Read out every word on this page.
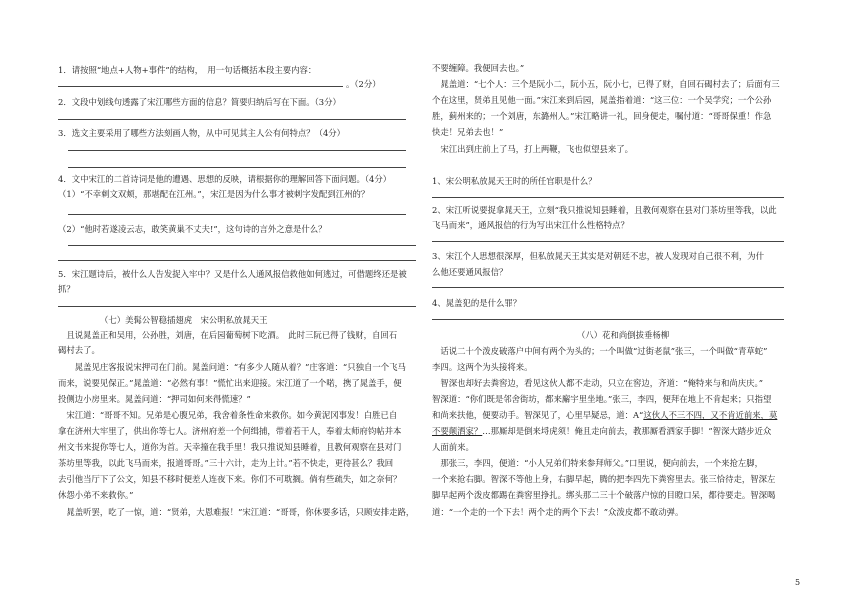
1．请按照“地点+人物+事件”的结构，　用一句话概括本段主要内容：
。（2分）
2．文段中划线句透露了宋江哪些方面的信息？简要归纳后写在下面。（3分）
3．选文主要采用了哪些方法刻画人物，从中可见其主人公有何特点？（4分）
4．文中宋江的二首诗词是他的遭遇、思想的反映，请根据你的理解回答下面问题。（4分）
（1）“不幸刺文双颊，那堪配在江州。”，宋江是因为什么事才被刺字发配到江州的？
（2）“他时若遂凌云志，敢笑黄巢不丈夫!”，这句诗的言外之意是什么？
5．宋江题诗后，被什么人告发捉入牢中？又是什么人通风报信救他如何逃过，可借题终还是被
抓？
（七）美髯公智稳插翅虎　宋公明私放晁天王
　且说晁盖正和吴用，公孙胜，刘唐，在后园葡萄树下吃酒。　此时三阮已得了钱财，自回石
碣村去了。
　　晁盖见庄客报说宋押司在门前。晁盖问道：“有多少人随从着？”庄客道：“只独自一个飞马
而来，说要见保正。”晁盖道：“必然有事！”慌忙出来迎接。宋江道了一个喏，携了晁盖手，便
投侧边小房里来。晁盖问道：“押司如何来得慌速？”
　宋江道：“哥哥不知。兄弟是心腹兄弟，我舍着条性命来救你。如今黄泥冈事发！白胜已自
拿在济州大牢里了，供出你等七人。济州府差一个何缉捕，带着若干人，奉着太师府钧帖并本
州文书来捉你等七人，道你为首。天幸撞在我手里！我只推说知县睡着，且教何观察在县对门
茶坊里等我，以此飞马而来，报道哥哥。”三十六计，走为上计。”若不快走，更待甚么？我回
去引他当厅下了公文，知县不移时便差人连夜下来。你们不可耽搁。倘有些疏失，如之奈何？
休怨小弟不来救你。”
　晁盖听罢，吃了一惊，道：“贤弟，大恩难报！”宋江道：“哥哥，你休要多话，只顾安排走路，
不要缠障。我便回去也。”
　晁盖道：“七个人：三个是阮小二，阮小五，阮小七，已得了财，自回石碣村去了；后面有三
个在这里，贤弟且见他一面。”宋江来到后园，晁盖指着道：“这三位：一个吴学究；一个公孙
胜，蓟州来的；一个刘唐，东潞州人。”宋江略讲一礼，回身便走，嘱付道：“哥哥保重！作急
快走！兄弟去也！”
　宋江出到庄前上了马，打上两鞭，飞也似望县来了。
1、宋公明私放晁天王时的所任官职是什么？
2、宋江听说要捉拿晁天王，立刻“我只推说知县睡着，且教何观察在县对门茶坊里等我，以此
飞马而来”，通风报信的行为写出宋江什么性格特点？
3、宋江个人思想很深厚，但私放晁天王其实是对朝廷不忠，被人发现对自己很不利，为什
么他还要通风报信？
4、晁盖犯的是什么罪？
（八）花和尚倒拔垂杨柳
　话说二十个泼皮破落户中间有两个为头的；一个叫做“过街老鼠”张三，一个叫做“青草蛇”
李四。这两个为头接将来。
　智深也却好去粪窖边，看见这伙人都不走动，只立在窖边，齐道：“俺特来与和尚庆庆。”
智深道：“你们既是邻舍街坊，都来廨宇里坐地。”张三，李四，便拜在地上不肯起来；只指望
和尚来扶他，便要动手。智深见了，心里早疑忌，道：A“这伙人不三不四，又不肯近前来，莫
不要颠洒家？…那厮却是倒来埒虎须！俺且走向前去，教那厮看洒家手脚！”智深大踏步近众
人面前来。
　那张三，李四，便道：“小人兄弟们特来参拜师父。”口里说，便向前去，一个来抢左脚，
一个来抢右脚。智深不等他上身，右脚早起，腾的把李四先下粪窖里去。张三恰待走，智深左
脚早起两个泼皮都踢在粪窖里挣扎。绑头那二三十个破落户惊的目瞪口呆，都待要走。智深喝
道：“一个走的一个下去！两个走的两个下去！”众泼皮都不敢动弹。
5
